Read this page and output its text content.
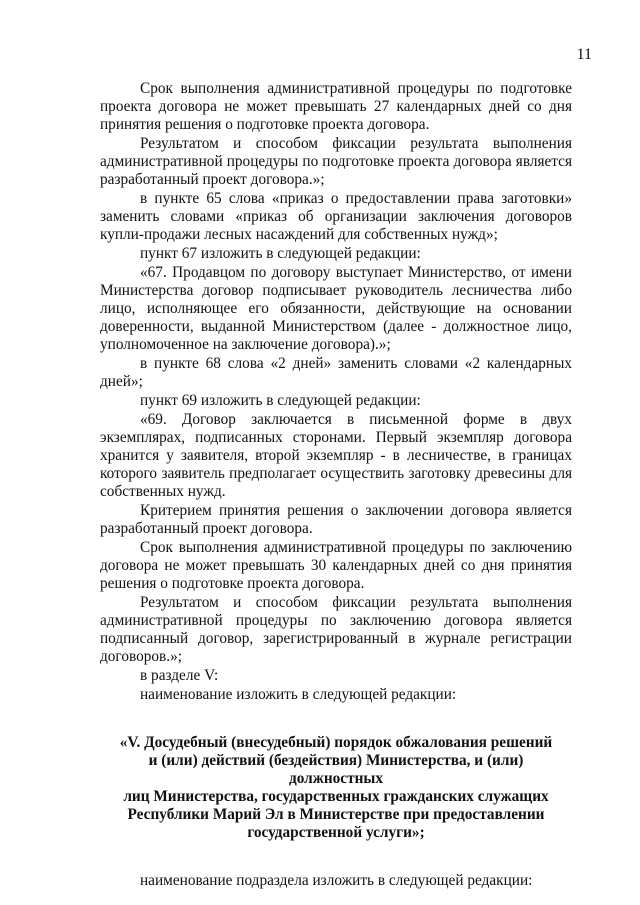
11

Срок выполнения административной процедуры по подготовке проекта договора не может превышать 27 календарных дней со дня принятия решения о подготовке проекта договора.

Результатом и способом фиксации результата выполнения административной процедуры по подготовке проекта договора является разработанный проект договора.»;

в пункте 65 слова «приказ о предоставлении права заготовки» заменить словами «приказ об организации заключения договоров купли-продажи лесных насаждений для собственных нужд»;

пункт 67 изложить в следующей редакции:

«67. Продавцом по договору выступает Министерство, от имени Министерства договор подписывает руководитель лесничества либо лицо, исполняющее его обязанности, действующие на основании доверенности, выданной Министерством (далее - должностное лицо, уполномоченное на заключение договора).»;

в пункте 68 слова «2 дней» заменить словами «2 календарных дней»;

пункт 69 изложить в следующей редакции:

«69. Договор заключается в письменной форме в двух экземплярах, подписанных сторонами. Первый экземпляр договора хранится у заявителя, второй экземпляр - в лесничестве, в границах которого заявитель предполагает осуществить заготовку древесины для собственных нужд.

Критерием принятия решения о заключении договора является разработанный проект договора.

Срок выполнения административной процедуры по заключению договора не может превышать 30 календарных дней со дня принятия решения о подготовке проекта договора.

Результатом и способом фиксации результата выполнения административной процедуры по заключению договора является подписанный договор, зарегистрированный в журнале регистрации договоров.»;

в разделе V:

наименование изложить в следующей редакции:

«V. Досудебный (внесудебный) порядок обжалования решений
и (или) действий (бездействия) Министерства, и (или) должностных
лиц Министерства, государственных гражданских служащих
Республики Марий Эл в Министерстве при предоставлении
государственной услуги»;

наименование подраздела изложить в следующей редакции:
